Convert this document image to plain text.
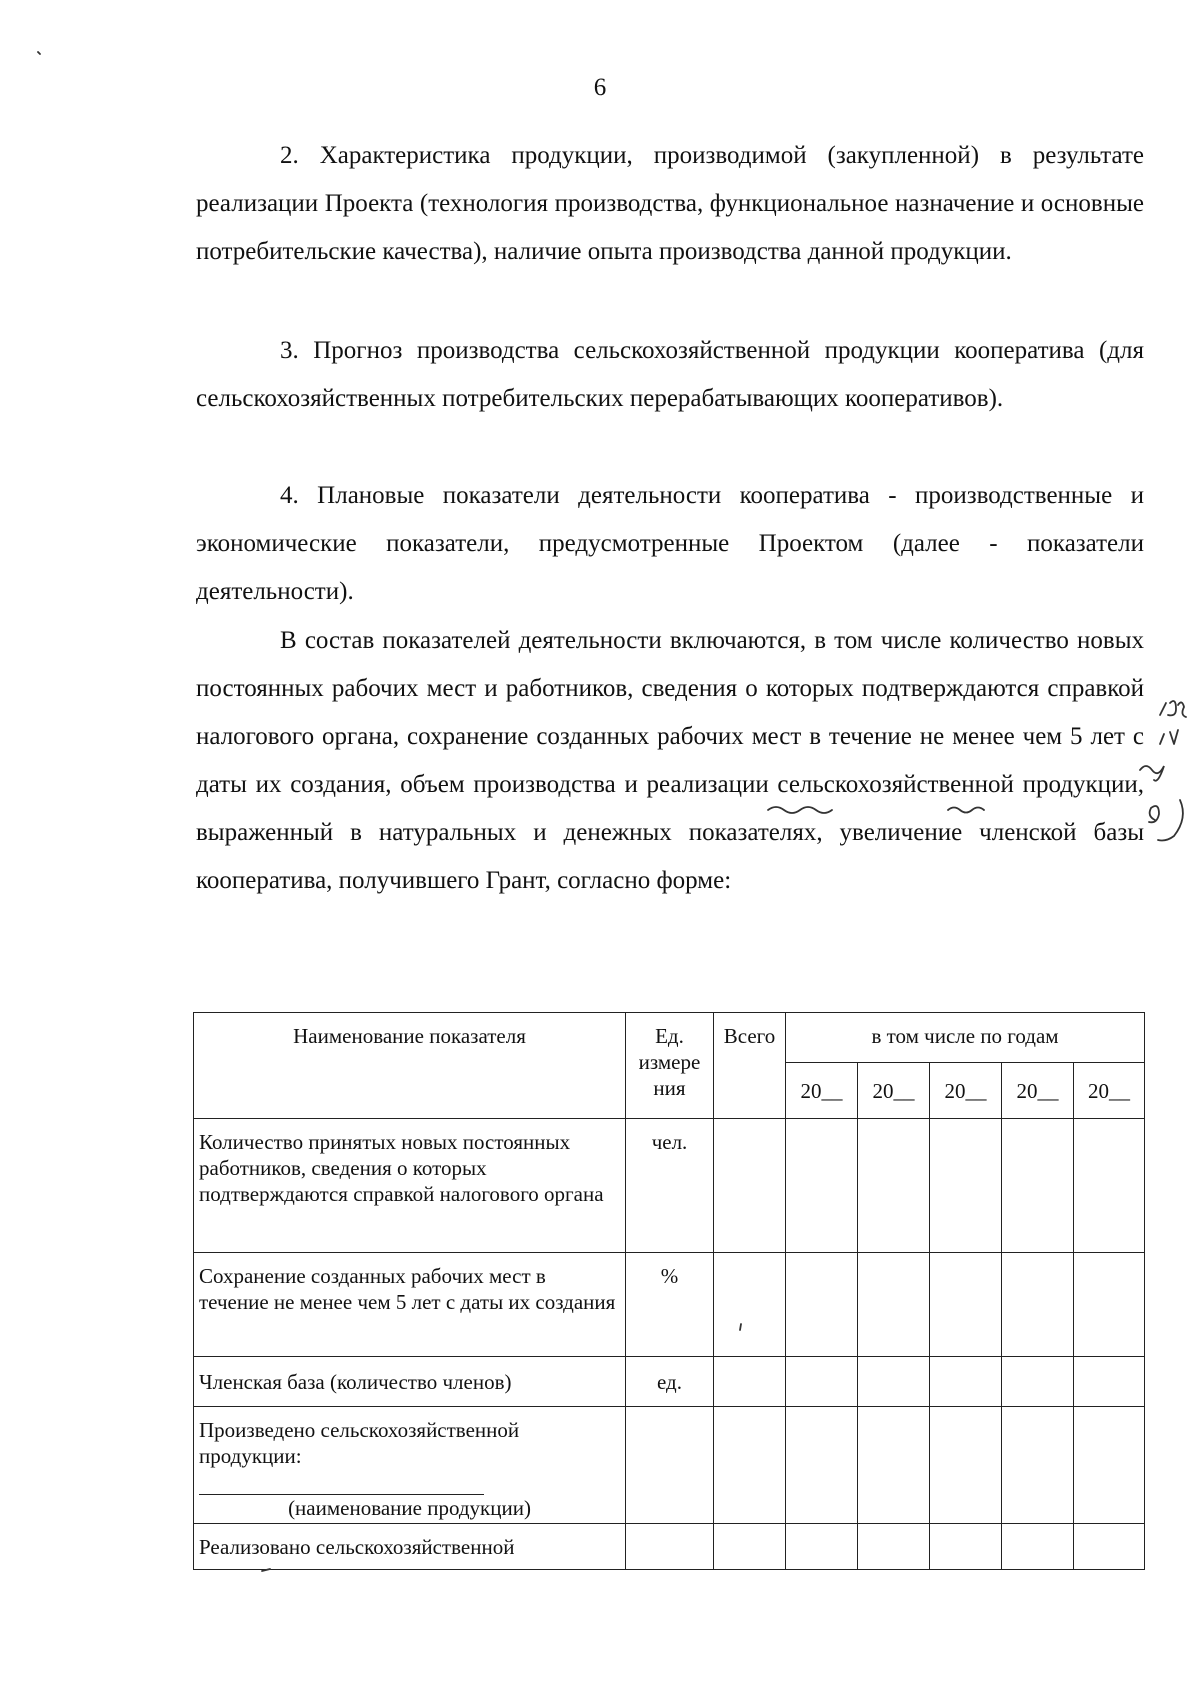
6

2. Характеристика продукции, производимой (закупленной) в результате реализации Проекта (технология производства, функциональное назначение и основные потребительские качества), наличие опыта производства данной продукции.

3. Прогноз производства сельскохозяйственной продукции кооператива (для сельскохозяйственных потребительских перерабатывающих кооперативов).

4. Плановые показатели деятельности кооператива - производственные и экономические показатели, предусмотренные Проектом (далее - показатели деятельности).

В состав показателей деятельности включаются, в том числе количество новых постоянных рабочих мест и работников, сведения о которых подтверждаются справкой налогового органа, сохранение созданных рабочих мест в течение не менее чем 5 лет с даты их создания, объем производства и реализации сельскохозяйственной продукции, выраженный в натуральных и денежных показателях, увеличение членской базы кооператива, получившего Грант, согласно форме:

Наименование показателя	Ед. измере ния	Всего	в том числе по годам				
			20__	20__	20__	20__	20__
Количество принятых новых постоянных работников, сведения о которых подтверждаются справкой налогового органа	чел.						
Сохранение созданных рабочих мест в течение не менее чем 5 лет с даты их создания	%						
Членская база (количество членов)	ед.						
Произведено сельскохозяйственной продукции:

(наименование продукции)							

Реализовано сельскохозяйственной							
